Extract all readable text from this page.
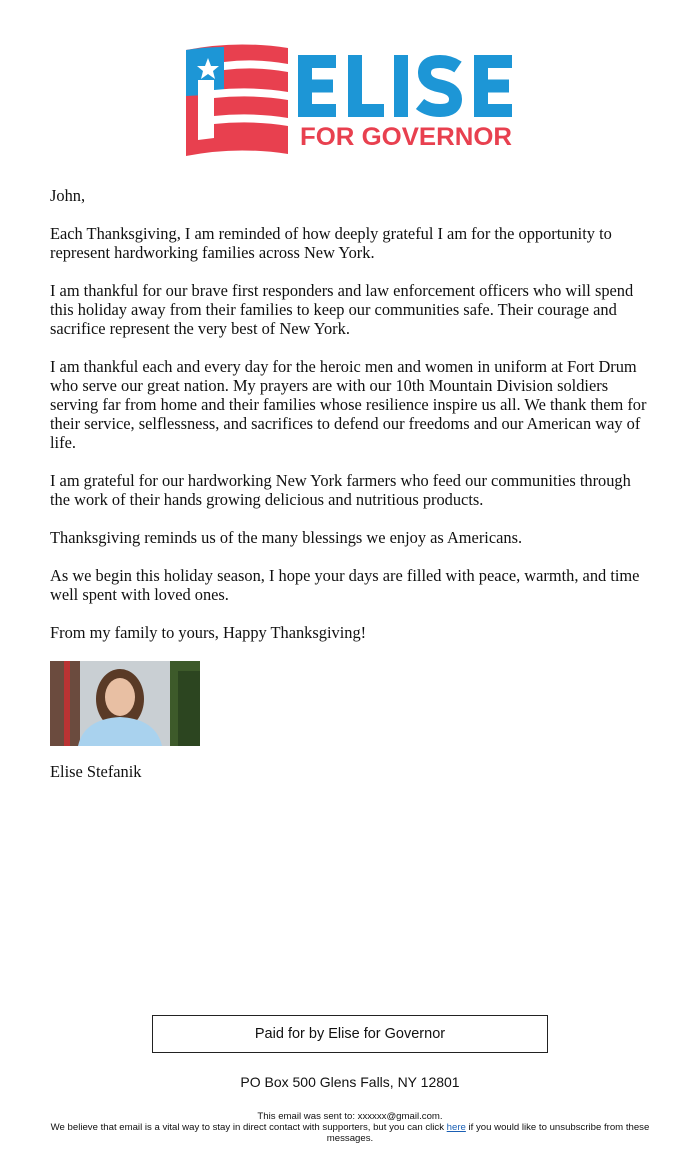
FOR GOVERNOR

John,

Each Thanksgiving, I am reminded of how deeply grateful I am for the opportunity to represent hardworking families across New York.

I am thankful for our brave first responders and law enforcement officers who will spend this holiday away from their families to keep our communities safe. Their courage and sacrifice represent the very best of New York.

I am thankful each and every day for the heroic men and women in uniform at Fort Drum who serve our great nation. My prayers are with our 10th Mountain Division soldiers serving far from home and their families whose resilience inspire us all. We thank them for their service, selflessness, and sacrifices to defend our freedoms and our American way of life.

I am grateful for our hardworking New York farmers who feed our communities through the work of their hands growing delicious and nutritious products.

Thanksgiving reminds us of the many blessings we enjoy as Americans.

As we begin this holiday season, I hope your days are filled with peace, warmth, and time well spent with loved ones.

From my family to yours, Happy Thanksgiving!

Elise Stefanik
Paid for by Elise for Governor
PO Box 500 Glens Falls, NY 12801
This email was sent to: xxxxxx@gmail.com.
We believe that email is a vital way to stay in direct contact with supporters, but you can click here if you would like to unsubscribe from these messages.
